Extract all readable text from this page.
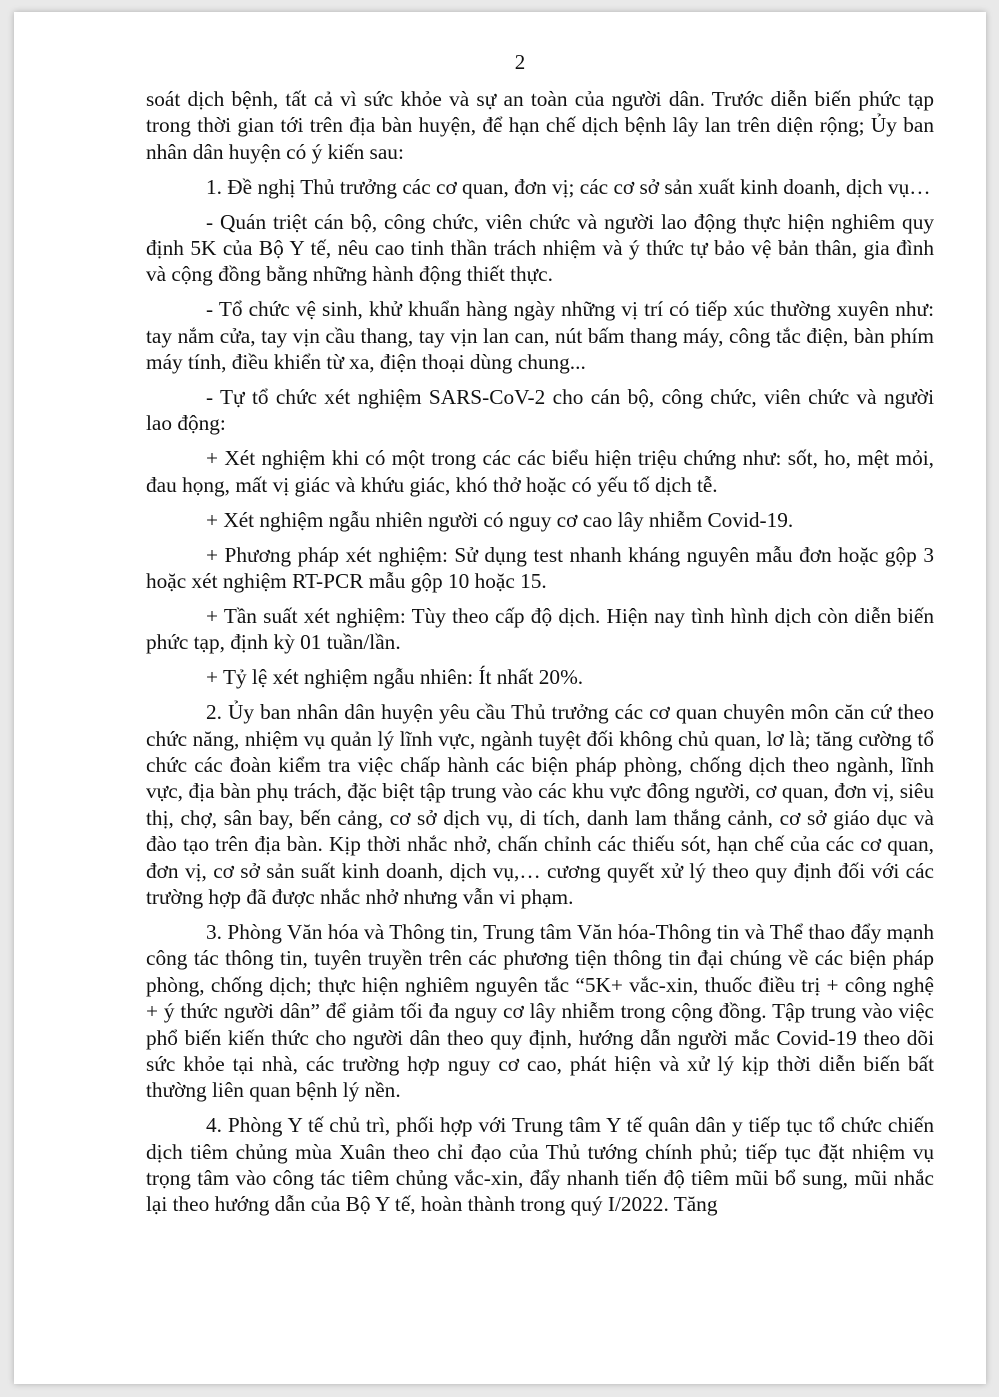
2

soát dịch bệnh, tất cả vì sức khỏe và sự an toàn của người dân. Trước diễn biến phức tạp trong thời gian tới trên địa bàn huyện, để hạn chế dịch bệnh lây lan trên diện rộng; Ủy ban nhân dân huyện có ý kiến sau:

1. Đề nghị Thủ trưởng các cơ quan, đơn vị; các cơ sở sản xuất kinh doanh, dịch vụ…

- Quán triệt cán bộ, công chức, viên chức và người lao động thực hiện nghiêm quy định 5K của Bộ Y tế, nêu cao tinh thần trách nhiệm và ý thức tự bảo vệ bản thân, gia đình và cộng đồng bằng những hành động thiết thực.

- Tổ chức vệ sinh, khử khuẩn hàng ngày những vị trí có tiếp xúc thường xuyên như: tay nắm cửa, tay vịn cầu thang, tay vịn lan can, nút bấm thang máy, công tắc điện, bàn phím máy tính, điều khiển từ xa, điện thoại dùng chung...

- Tự tổ chức xét nghiệm SARS-CoV-2 cho cán bộ, công chức, viên chức và người lao động:

+ Xét nghiệm khi có một trong các các biểu hiện triệu chứng như: sốt, ho, mệt mỏi, đau họng, mất vị giác và khứu giác, khó thở hoặc có yếu tố dịch tễ.

+ Xét nghiệm ngẫu nhiên người có nguy cơ cao lây nhiễm Covid-19.

+ Phương pháp xét nghiệm: Sử dụng test nhanh kháng nguyên mẫu đơn hoặc gộp 3 hoặc xét nghiệm RT-PCR mẫu gộp 10 hoặc 15.

+ Tần suất xét nghiệm: Tùy theo cấp độ dịch. Hiện nay tình hình dịch còn diễn biến phức tạp, định kỳ 01 tuần/lần.

+ Tỷ lệ xét nghiệm ngẫu nhiên: Ít nhất 20%.

2. Ủy ban nhân dân huyện yêu cầu Thủ trưởng các cơ quan chuyên môn căn cứ theo chức năng, nhiệm vụ quản lý lĩnh vực, ngành tuyệt đối không chủ quan, lơ là; tăng cường tổ chức các đoàn kiểm tra việc chấp hành các biện pháp phòng, chống dịch theo ngành, lĩnh vực, địa bàn phụ trách, đặc biệt tập trung vào các khu vực đông người, cơ quan, đơn vị, siêu thị, chợ, sân bay, bến cảng, cơ sở dịch vụ, di tích, danh lam thắng cảnh, cơ sở giáo dục và đào tạo trên địa bàn. Kịp thời nhắc nhở, chấn chỉnh các thiếu sót, hạn chế của các cơ quan, đơn vị, cơ sở sản suất kinh doanh, dịch vụ,… cương quyết xử lý theo quy định đối với các trường hợp đã được nhắc nhở nhưng vẫn vi phạm.

3. Phòng Văn hóa và Thông tin, Trung tâm Văn hóa-Thông tin và Thể thao đẩy mạnh công tác thông tin, tuyên truyền trên các phương tiện thông tin đại chúng về các biện pháp phòng, chống dịch; thực hiện nghiêm nguyên tắc “5K+ vắc-xin, thuốc điều trị + công nghệ + ý thức người dân” để giảm tối đa nguy cơ lây nhiễm trong cộng đồng. Tập trung vào việc phổ biến kiến thức cho người dân theo quy định, hướng dẫn người mắc Covid-19 theo dõi sức khỏe tại nhà, các trường hợp nguy cơ cao, phát hiện và xử lý kịp thời diễn biến bất thường liên quan bệnh lý nền.

4. Phòng Y tế chủ trì, phối hợp với Trung tâm Y tế quân dân y tiếp tục tổ chức chiến dịch tiêm chủng mùa Xuân theo chỉ đạo của Thủ tướng chính phủ; tiếp tục đặt nhiệm vụ trọng tâm vào công tác tiêm chủng vắc-xin, đẩy nhanh tiến độ tiêm mũi bổ sung, mũi nhắc lại theo hướng dẫn của Bộ Y tế, hoàn thành trong quý I/2022. Tăng
